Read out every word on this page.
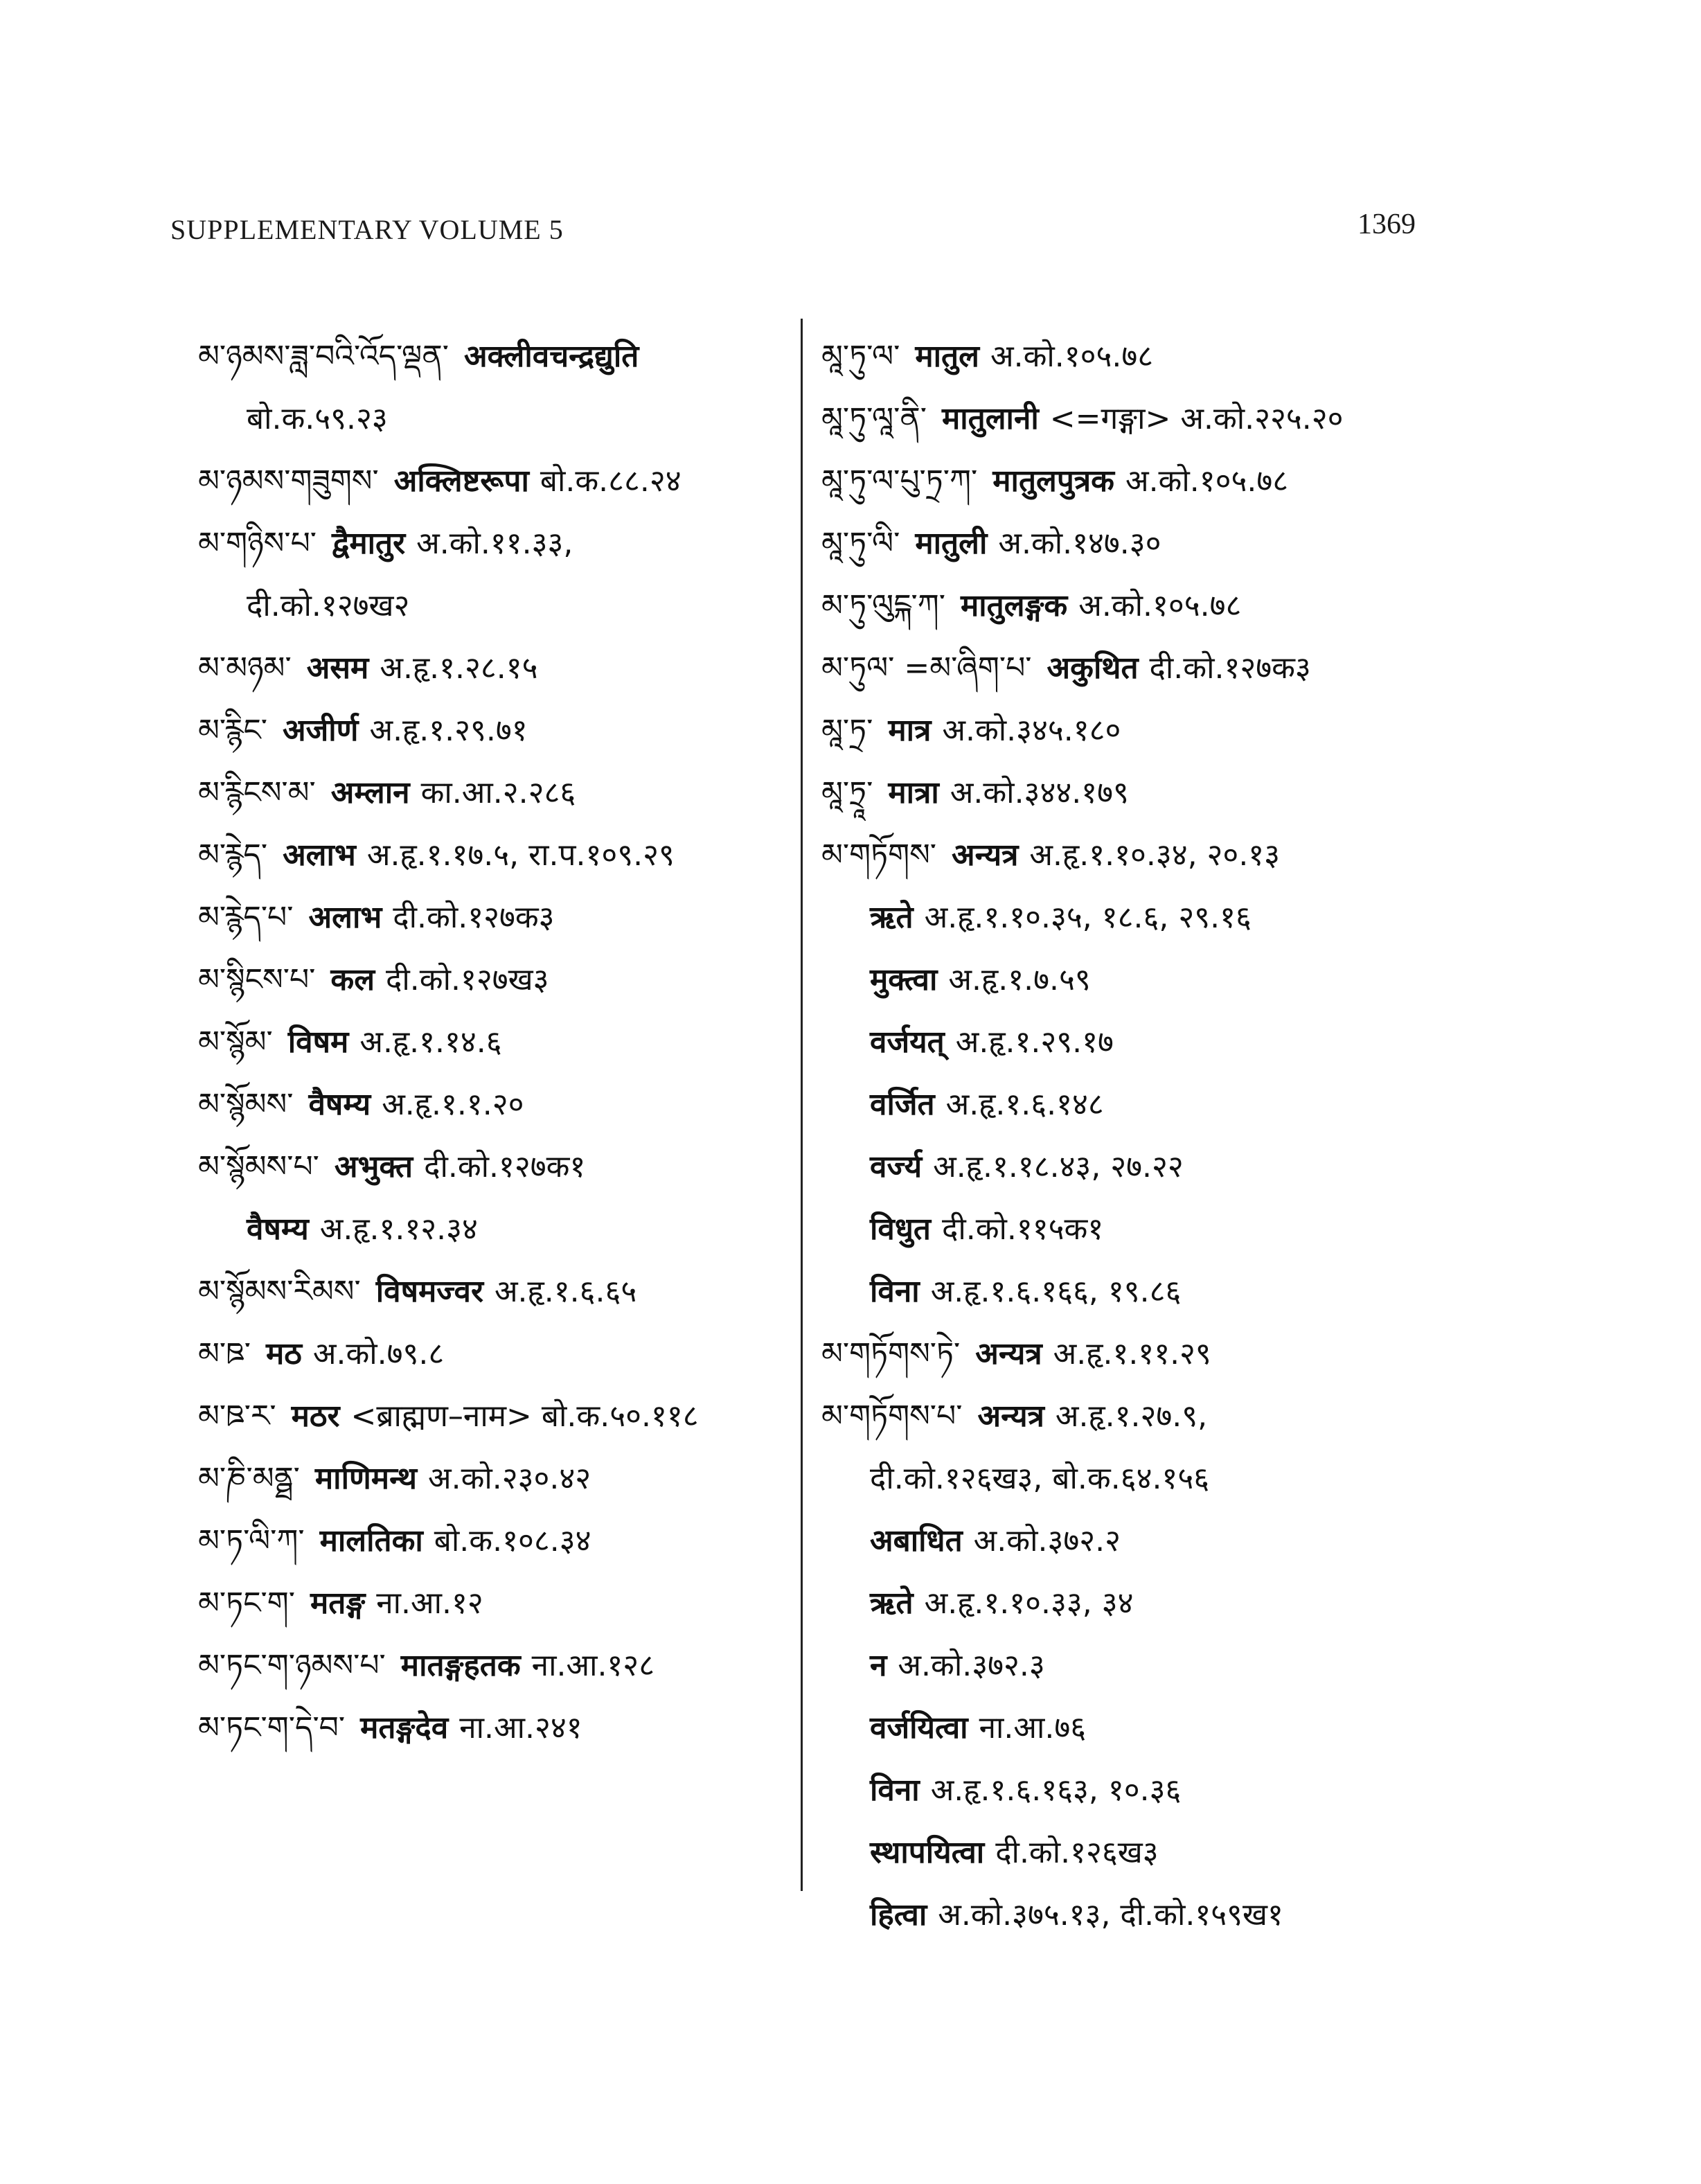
SUPPLEMENTARY VOLUME 5	1369
མ་ཉམས་ཟླ་བའི་འོད་ལྡན་ अक्लीवचन्द्रद्युति
बो.क.५९.२३
མ་ཉམས་གཟུགས་ अक्लिष्टरूपा बो.क.८८.२४
མ་གཉིས་པ་ द्वैमातुर अ.को.११.३३,
दी.को.१२७ख२
མ་མཉམ་ असम अ.हृ.१.२८.१५
མ་རྙིང་ अजीर्ण अ.हृ.१.२९.७१
མ་རྙིངས་མ་ अम्लान का.आ.२.२८६
མ་རྙེད་ अलाभ अ.हृ.१.१७.५, रा.प.१०९.२९
མ་རྙེད་པ་ अलाभ दी.को.१२७क३
མ་སྙིངས་པ་ कल दी.को.१२७ख३
མ་སྙོམ་ विषम अ.हृ.१.१४.६
མ་སྙོམས་ वैषम्य अ.हृ.१.१.२०
མ་སྙོམས་པ་ अभुक्त दी.को.१२७क१
वैषम्य अ.हृ.१.१२.३४
མ་སྙོམས་རིམས་ विषमज्वर अ.हृ.१.६.६५
མ་ཋ་ मठ अ.को.७९.८
མ་ཋ་ར་ मठर <ब्राह्मण–नाम> बो.क.५०.११८
མ་ཎི་མནྠ་ माणिमन्थ अ.को.२३०.४२
མ་ཏ་ལི་ཀ་ मालतिका बो.क.१०८.३४
མ་ཏང་ག་ मतङ्ग ना.आ.१२
མ་ཏང་ག་ཉམས་པ་ मातङ्गहतक ना.आ.१२८
མ་ཏང་ག་དེ་བ་ मतङ्गदेव ना.आ.२४१
མཱ་ཏུ་ལ་ मातुल अ.को.१०५.७८
མཱ་ཏུ་ལཱ་ནི་ मातुलानी <=गङ्गा> अ.को.२२५.२०
མཱ་ཏུ་ལ་པུ་ཏྲ་ཀ་ मातुलपुत्रक अ.को.१०५.७८
མཱ་ཏུ་ལི་ मातुली अ.को.१४७.३०
མ་ཏུ་ལུངྐ་ཀ་ मातुलङ्गक अ.को.१०५.७८
མ་ཏུལ་ =མ་ཞིག་པ་ अकुथित दी.को.१२७क३
མཱ་ཏྲ་ मात्र अ.को.३४५.१८०
མཱ་ཏྲཱ་ मात्रा अ.को.३४४.१७९
མ་གཏོགས་ अन्यत्र अ.हृ.१.१०.३४, २०.१३
ऋते अ.हृ.१.१०.३५, १८.६, २९.१६
मुक्त्वा अ.हृ.१.७.५९
वर्जयत् अ.हृ.१.२९.१७
वर्जित अ.हृ.१.६.१४८
वर्ज्य अ.हृ.१.१८.४३, २७.२२
विधुत दी.को.११५क१
विना अ.हृ.१.६.१६६, १९.८६
མ་གཏོགས་ཏེ་ अन्यत्र अ.हृ.१.११.२९
མ་གཏོགས་པ་ अन्यत्र अ.हृ.१.२७.९,
दी.को.१२६ख३, बो.क.६४.१५६
अबाधित अ.को.३७२.२
ऋते अ.हृ.१.१०.३३, ३४
न अ.को.३७२.३
वर्जयित्वा ना.आ.७६
विना अ.हृ.१.६.१६३, १०.३६
स्थापयित्वा दी.को.१२६ख३
हित्वा अ.को.३७५.१३, दी.को.१५९ख१
